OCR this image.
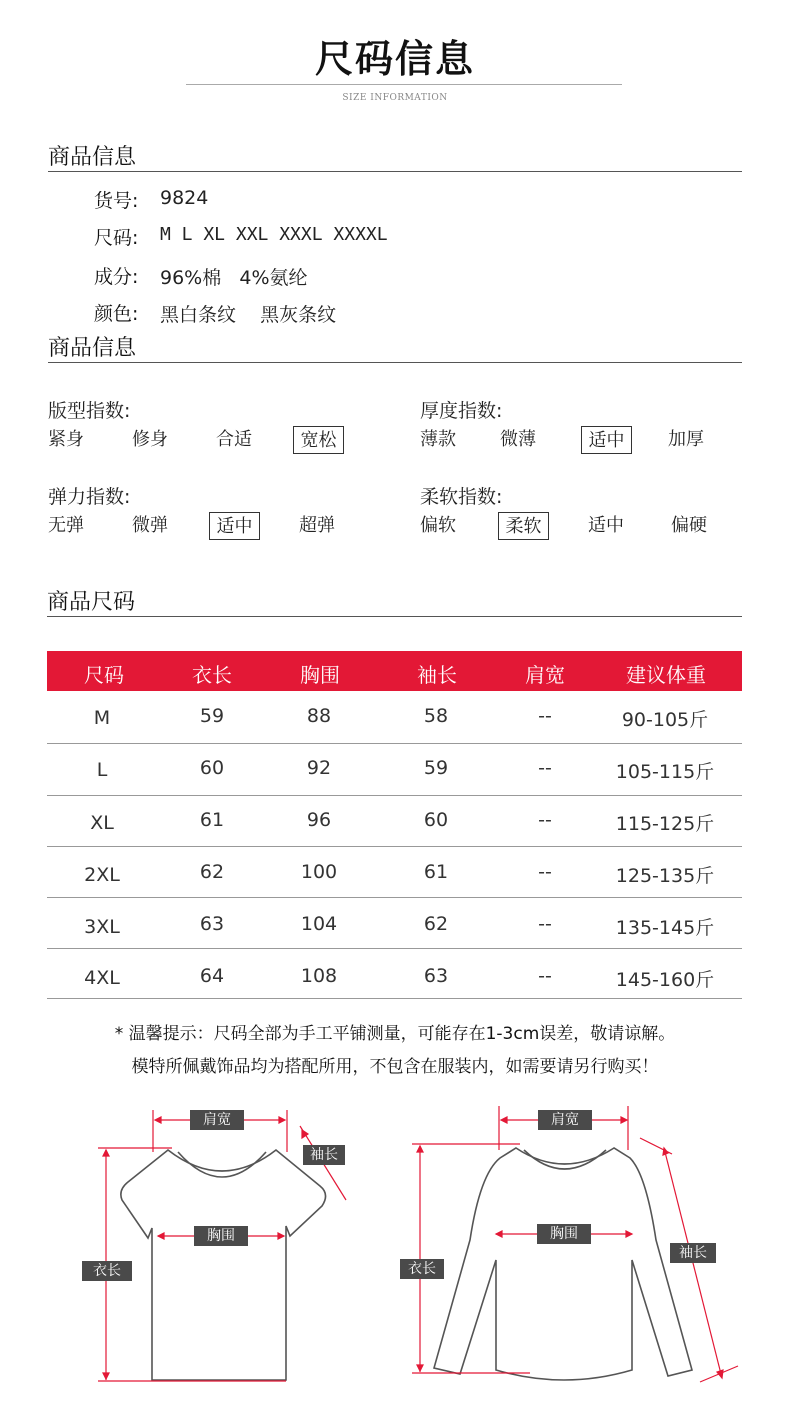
尺码信息
SIZE INFORMATION
商品信息
货号: 9824
尺码: M L XL XXL XXXL XXXXL
成分: 96%棉   4%氨纶
颜色: 黑白条纹    黑灰条纹
商品信息
版型指数:
紧身	修身	合适	宽松
厚度指数:
薄款 微薄	适中	加厚
弹力指数:
无弹	微弹	适中	超弹
柔软指数:
偏软	柔软	适中	偏硬
商品尺码
尺码	衣长	胸围	袖长	肩宽	建议体重
M	59	88	58	--	90-105斤
L	60	92	59	--	105-115斤
XL	61	96	60	--	115-125斤
2XL	62	100	61	--	125-135斤
3XL	63	104	62	--	135-145斤
4XL	64	108	63	--	145-160斤
* 温馨提示：尺码全部为手工平铺测量，可能存在1-3cm误差，敬请谅解。
模特所佩戴饰品均为搭配所用，不包含在服装内，如需要请另行购买！
肩宽
袖长
胸围
衣长
肩宽
胸围
衣长
袖长
